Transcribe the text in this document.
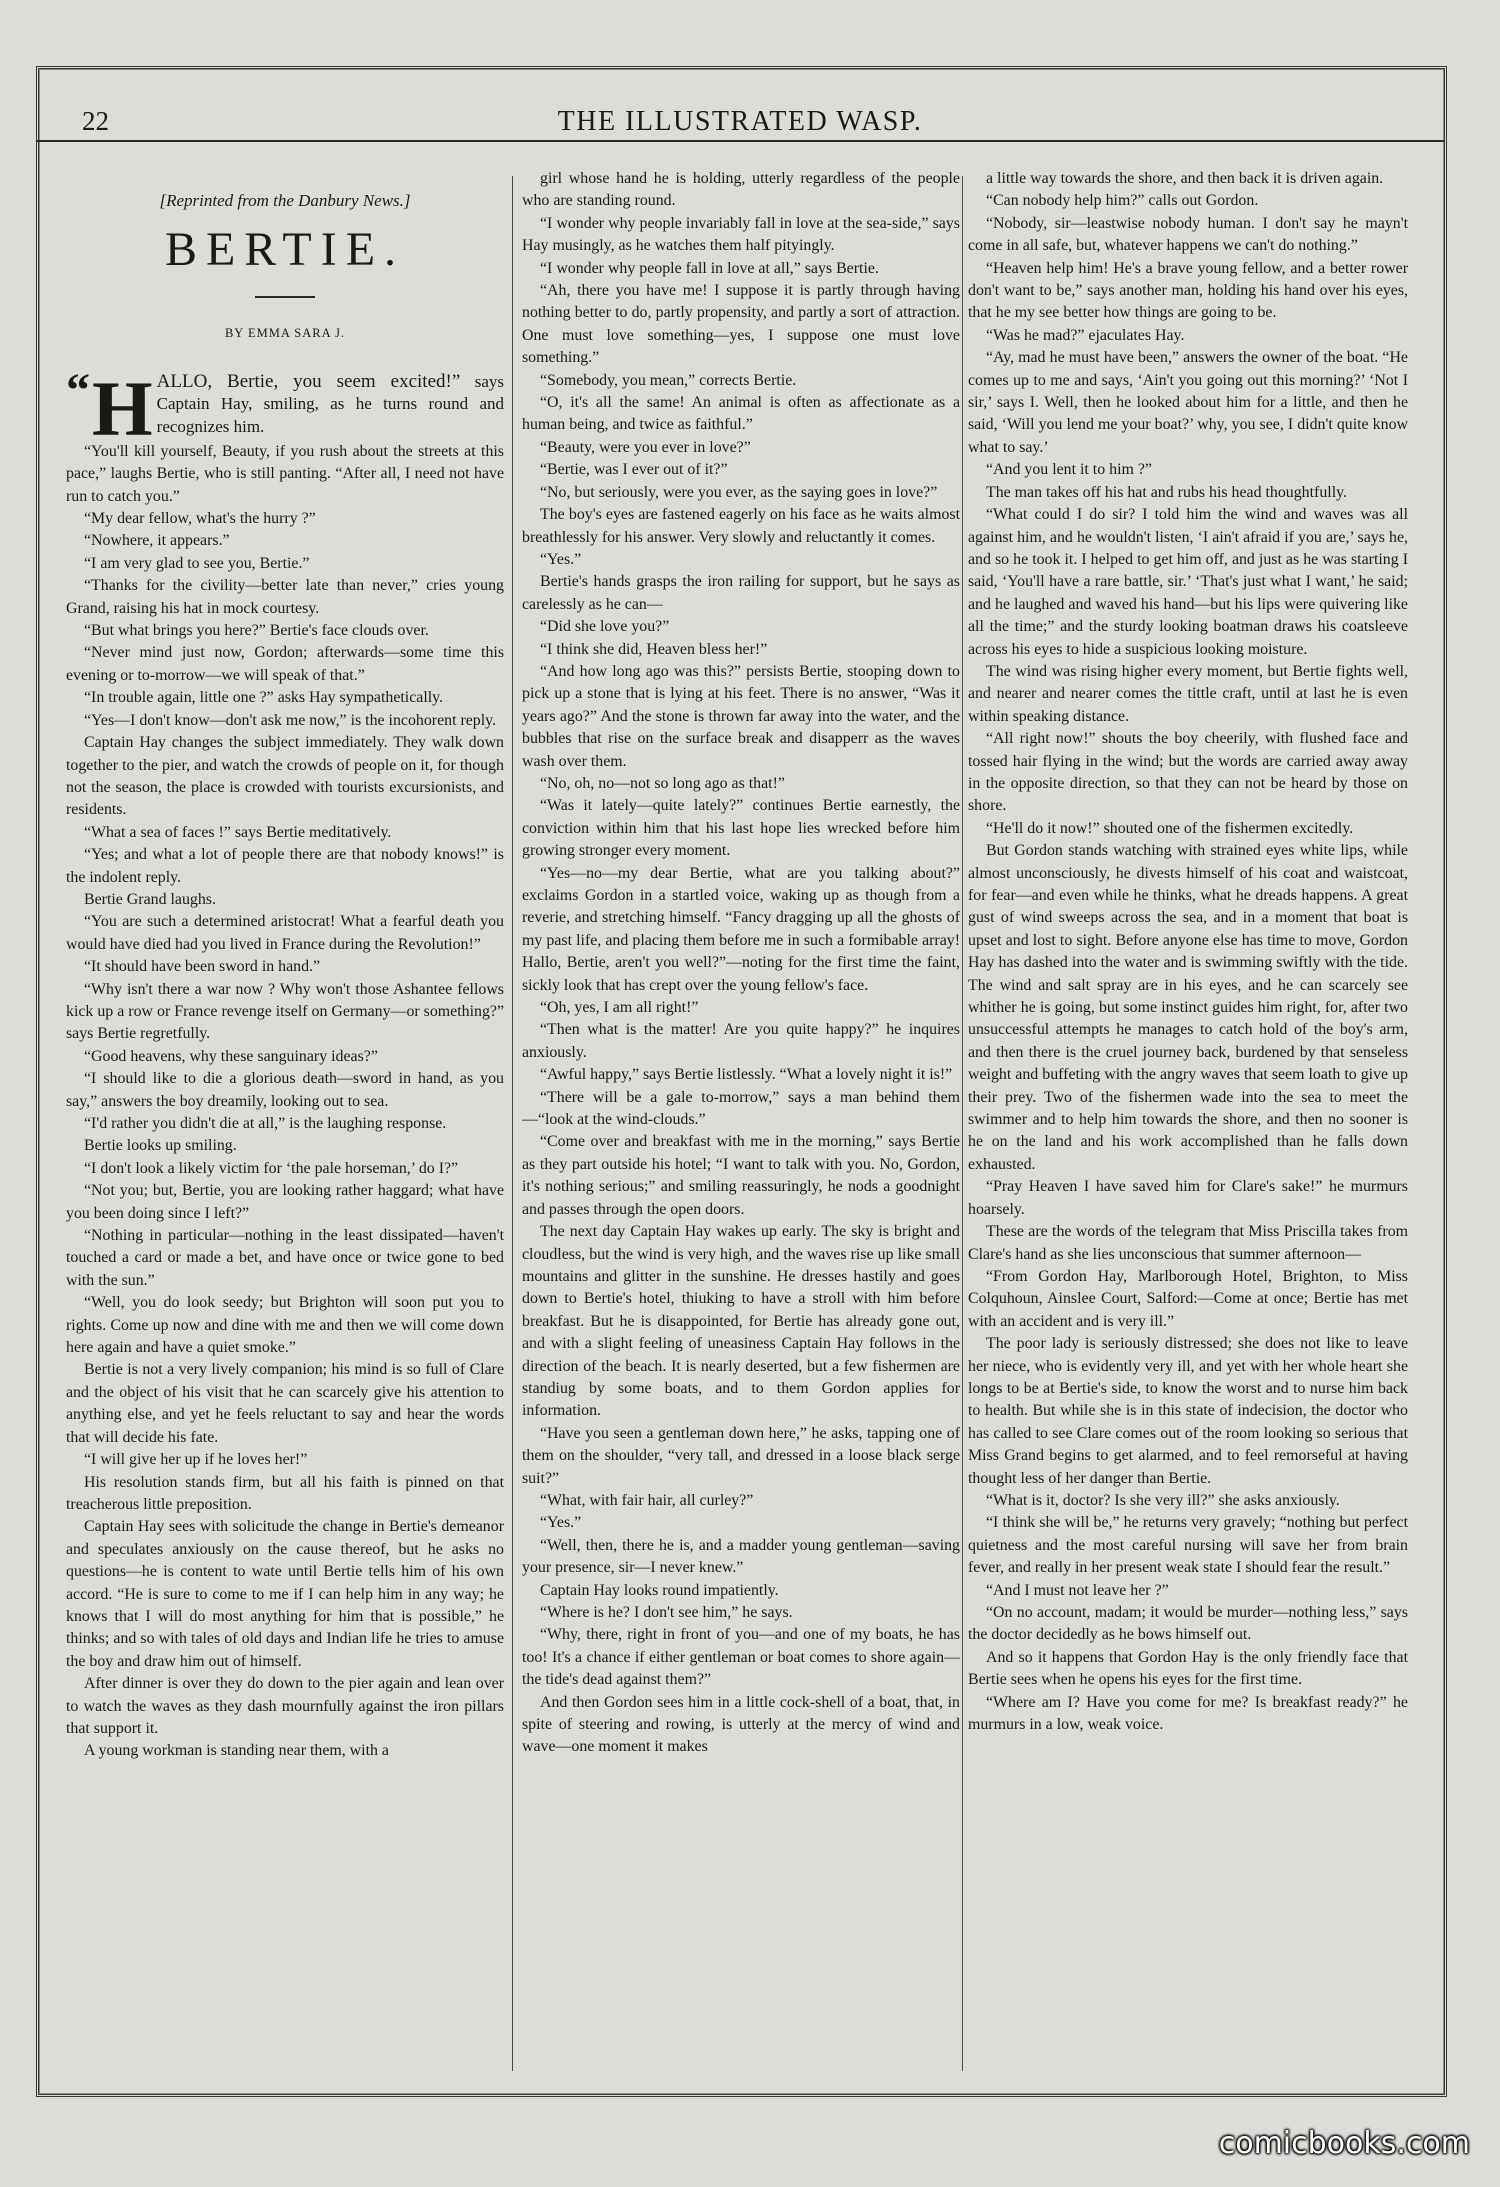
22	THE ILLUSTRATED WASP.
[Reprinted from the Danbury News.]
BERTIE.
BY EMMA SARA J.
“ H ALLO, Bertie, you seem excited!” says Captain Hay, smiling, as he turns round and recognizes him.

“You'll kill yourself, Beauty, if you rush about the streets at this pace,” laughs Bertie, who is still panting. “After all, I need not have run to catch you.”

“My dear fellow, what's the hurry ?”

“Nowhere, it appears.”

“I am very glad to see you, Bertie.”

“Thanks for the civility—better late than never,” cries young Grand, raising his hat in mock courtesy.

“But what brings you here?” Bertie's face clouds over.

“Never mind just now, Gordon; afterwards—some time this evening or to-morrow—we will speak of that.”

“In trouble again, little one ?” asks Hay sympathetically.

“Yes—I don't know—don't ask me now,” is the incohorent reply.

Captain Hay changes the subject immediately. They walk down together to the pier, and watch the crowds of people on it, for though not the season, the place is crowded with tourists excursionists, and residents.

“What a sea of faces !” says Bertie meditatively.

“Yes; and what a lot of people there are that nobody knows!” is the indolent reply.

Bertie Grand laughs.

“You are such a determined aristocrat! What a fearful death you would have died had you lived in France during the Revolution!”

“It should have been sword in hand.”

“Why isn't there a war now ? Why won't those Ashantee fellows kick up a row or France revenge itself on Germany—or something?” says Bertie regretfully.

“Good heavens, why these sanguinary ideas?”

“I should like to die a glorious death—sword in hand, as you say,” answers the boy dreamily, looking out to sea.

“I'd rather you didn't die at all,” is the laughing response.

Bertie looks up smiling.

“I don't look a likely victim for ‘the pale horseman,’ do I?”

“Not you; but, Bertie, you are looking rather haggard; what have you been doing since I left?”

“Nothing in particular—nothing in the least dissipated—haven't touched a card or made a bet, and have once or twice gone to bed with the sun.”

“Well, you do look seedy; but Brighton will soon put you to rights. Come up now and dine with me and then we will come down here again and have a quiet smoke.”

Bertie is not a very lively companion; his mind is so full of Clare and the object of his visit that he can scarcely give his attention to anything else, and yet he feels reluctant to say and hear the words that will decide his fate.

“I will give her up if he loves her!”

His resolution stands firm, but all his faith is pinned on that treacherous little preposition.

Captain Hay sees with solicitude the change in Bertie's demeanor and speculates anxiously on the cause thereof, but he asks no questions—he is content to wate until Bertie tells him of his own accord. “He is sure to come to me if I can help him in any way; he knows that I will do most anything for him that is possible,” he thinks; and so with tales of old days and Indian life he tries to amuse the boy and draw him out of himself.

After dinner is over they do down to the pier again and lean over to watch the waves as they dash mournfully against the iron pillars that support it.

A young workman is standing near them, with a

girl whose hand he is holding, utterly regardless of the people who are standing round.

“I wonder why people invariably fall in love at the sea-side,” says Hay musingly, as he watches them half pityingly.

“I wonder why people fall in love at all,” says Bertie.

“Ah, there you have me! I suppose it is partly through having nothing better to do, partly propensity, and partly a sort of attraction. One must love something—yes, I suppose one must love something.”

“Somebody, you mean,” corrects Bertie.

“O, it's all the same! An animal is often as affectionate as a human being, and twice as faithful.”

“Beauty, were you ever in love?”

“Bertie, was I ever out of it?”

“No, but seriously, were you ever, as the saying goes in love?”

The boy's eyes are fastened eagerly on his face as he waits almost breathlessly for his answer. Very slowly and reluctantly it comes.

“Yes.”

Bertie's hands grasps the iron railing for support, but he says as carelessly as he can—

“Did she love you?”

“I think she did, Heaven bless her!”

“And how long ago was this?” persists Bertie, stooping down to pick up a stone that is lying at his feet. There is no answer, “Was it years ago?” And the stone is thrown far away into the water, and the bubbles that rise on the surface break and disapperr as the waves wash over them.

“No, oh, no—not so long ago as that!”

“Was it lately—quite lately?” continues Bertie earnestly, the conviction within him that his last hope lies wrecked before him growing stronger every moment.

“Yes—no—my dear Bertie, what are you talking about?” exclaims Gordon in a startled voice, waking up as though from a reverie, and stretching himself. “Fancy dragging up all the ghosts of my past life, and placing them before me in such a formibable array! Hallo, Bertie, aren't you well?”—noting for the first time the faint, sickly look that has crept over the young fellow's face.

“Oh, yes, I am all right!”

“Then what is the matter! Are you quite happy?” he inquires anxiously.

“Awful happy,” says Bertie listlessly. “What a lovely night it is!”

“There will be a gale to-morrow,” says a man behind them—“look at the wind-clouds.”

“Come over and breakfast with me in the morning,” says Bertie as they part outside his hotel; “I want to talk with you. No, Gordon, it's nothing serious;” and smiling reassuringly, he nods a goodnight and passes through the open doors.

The next day Captain Hay wakes up early. The sky is bright and cloudless, but the wind is very high, and the waves rise up like small mountains and glitter in the sunshine. He dresses hastily and goes down to Bertie's hotel, thiuking to have a stroll with him before breakfast. But he is disappointed, for Bertie has already gone out, and with a slight feeling of uneasiness Captain Hay follows in the direction of the beach. It is nearly deserted, but a few fishermen are standiug by some boats, and to them Gordon applies for information.

“Have you seen a gentleman down here,” he asks, tapping one of them on the shoulder, “very tall, and dressed in a loose black serge suit?”

“What, with fair hair, all curley?”

“Yes.”

“Well, then, there he is, and a madder young gentleman—saving your presence, sir—I never knew.”

Captain Hay looks round impatiently.

“Where is he? I don't see him,” he says.

“Why, there, right in front of you—and one of my boats, he has too! It's a chance if either gentleman or boat comes to shore again—the tide's dead against them?”

And then Gordon sees him in a little cock-shell of a boat, that, in spite of steering and rowing, is utterly at the mercy of wind and wave—one moment it makes

a little way towards the shore, and then back it is driven again.

“Can nobody help him?” calls out Gordon.

“Nobody, sir—leastwise nobody human. I don't say he mayn't come in all safe, but, whatever happens we can't do nothing.”

“Heaven help him! He's a brave young fellow, and a better rower don't want to be,” says another man, holding his hand over his eyes, that he my see better how things are going to be.

“Was he mad?” ejaculates Hay.

“Ay, mad he must have been,” answers the owner of the boat. “He comes up to me and says, ‘Ain't you going out this morning?’ ‘Not I sir,’ says I. Well, then he looked about him for a little, and then he said, ‘Will you lend me your boat?’ why, you see, I didn't quite know what to say.’

“And you lent it to him ?”

The man takes off his hat and rubs his head thoughtfully.

“What could I do sir? I told him the wind and waves was all against him, and he wouldn't listen, ‘I ain't afraid if you are,’ says he, and so he took it. I helped to get him off, and just as he was starting I said, ‘You'll have a rare battle, sir.’ ‘That's just what I want,’ he said; and he laughed and waved his hand—but his lips were quivering like all the time;” and the sturdy looking boatman draws his coatsleeve across his eyes to hide a suspicious looking moisture.

The wind was rising higher every moment, but Bertie fights well, and nearer and nearer comes the tittle craft, until at last he is even within speaking distance.

“All right now!” shouts the boy cheerily, with flushed face and tossed hair flying in the wind; but the words are carried away away in the opposite direction, so that they can not be heard by those on shore.

“He'll do it now!” shouted one of the fishermen excitedly.

But Gordon stands watching with strained eyes white lips, while almost unconsciously, he divests himself of his coat and waistcoat, for fear—and even while he thinks, what he dreads happens. A great gust of wind sweeps across the sea, and in a moment that boat is upset and lost to sight. Before anyone else has time to move, Gordon Hay has dashed into the water and is swimming swiftly with the tide. The wind and salt spray are in his eyes, and he can scarcely see whither he is going, but some instinct guides him right, for, after two unsuccessful attempts he manages to catch hold of the boy's arm, and then there is the cruel journey back, burdened by that senseless weight and buffeting with the angry waves that seem loath to give up their prey. Two of the fishermen wade into the sea to meet the swimmer and to help him towards the shore, and then no sooner is he on the land and his work accomplished than he falls down exhausted.

“Pray Heaven I have saved him for Clare's sake!” he murmurs hoarsely.

These are the words of the telegram that Miss Priscilla takes from Clare's hand as she lies unconscious that summer afternoon—

“From Gordon Hay, Marlborough Hotel, Brighton, to Miss Colquhoun, Ainslee Court, Salford:—Come at once; Bertie has met with an accident and is very ill.”

The poor lady is seriously distressed; she does not like to leave her niece, who is evidently very ill, and yet with her whole heart she longs to be at Bertie's side, to know the worst and to nurse him back to health. But while she is in this state of indecision, the doctor who has called to see Clare comes out of the room looking so serious that Miss Grand begins to get alarmed, and to feel remorseful at having thought less of her danger than Bertie.

“What is it, doctor? Is she very ill?” she asks anxiously.

“I think she will be,” he returns very gravely; “nothing but perfect quietness and the most careful nursing will save her from brain fever, and really in her present weak state I should fear the result.”

“And I must not leave her ?”

“On no account, madam; it would be murder—nothing less,” says the doctor decidedly as he bows himself out.

And so it happens that Gordon Hay is the only friendly face that Bertie sees when he opens his eyes for the first time.

“Where am I? Have you come for me? Is breakfast ready?” he murmurs in a low, weak voice.

comicbooks.com
